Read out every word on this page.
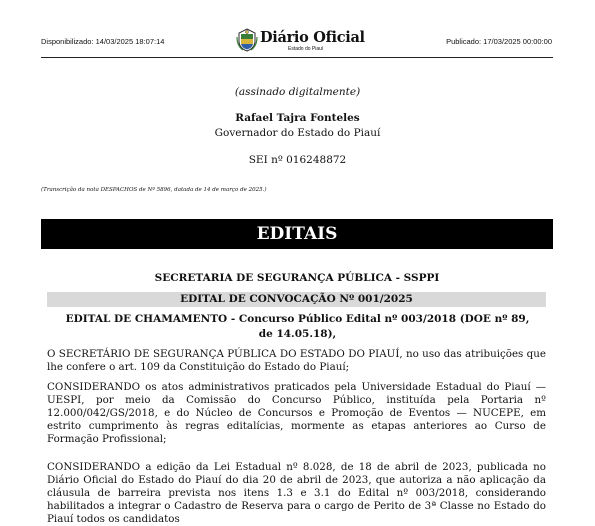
Disponibilizado: 14/03/2025 18:07:14	Diário Oficial
Estado do Piauí
Publicado: 17/03/2025 00:00:00
(assinado digitalmente)
Rafael Tajra Fonteles
Governador do Estado do Piauí
SEI nº 016248872
(Transcrição da nota DESPACHOS de Nº 5896, datada de 14 de março de 2025.)
EDITAIS
SECRETARIA DE SEGURANÇA PÚBLICA - SSPPI
EDITAL DE CONVOCAÇÃO Nº 001/2025
EDITAL DE CHAMAMENTO - Concurso Público Edital nº 003/2018 (DOE nº 89, de 14.05.18),
O SECRETÁRIO DE SEGURANÇA PÚBLICA DO ESTADO DO PIAUÍ, no uso das atribuições que lhe confere o art. 109 da Constituição do Estado do Piauí;
CONSIDERANDO os atos administrativos praticados pela Universidade Estadual do Piauí — UESPI, por meio da Comissão do Concurso Público, instituída pela Portaria nº 12.000/042/GS/2018, e do Núcleo de Concursos e Promoção de Eventos — NUCEPE, em estrito cumprimento às regras editalícias, mormente as etapas anteriores ao Curso de Formação Profissional;
CONSIDERANDO a edição da Lei Estadual nº 8.028, de 18 de abril de 2023, publicada no Diário Oficial do Estado do Piauí do dia 20 de abril de 2023, que autoriza a não aplicação da cláusula de barreira prevista nos itens 1.3 e 3.1 do Edital nº 003/2018, considerando habilitados a integrar o Cadastro de Reserva para o cargo de Perito de 3ª Classe no Estado do Piauí todos os candidatos
